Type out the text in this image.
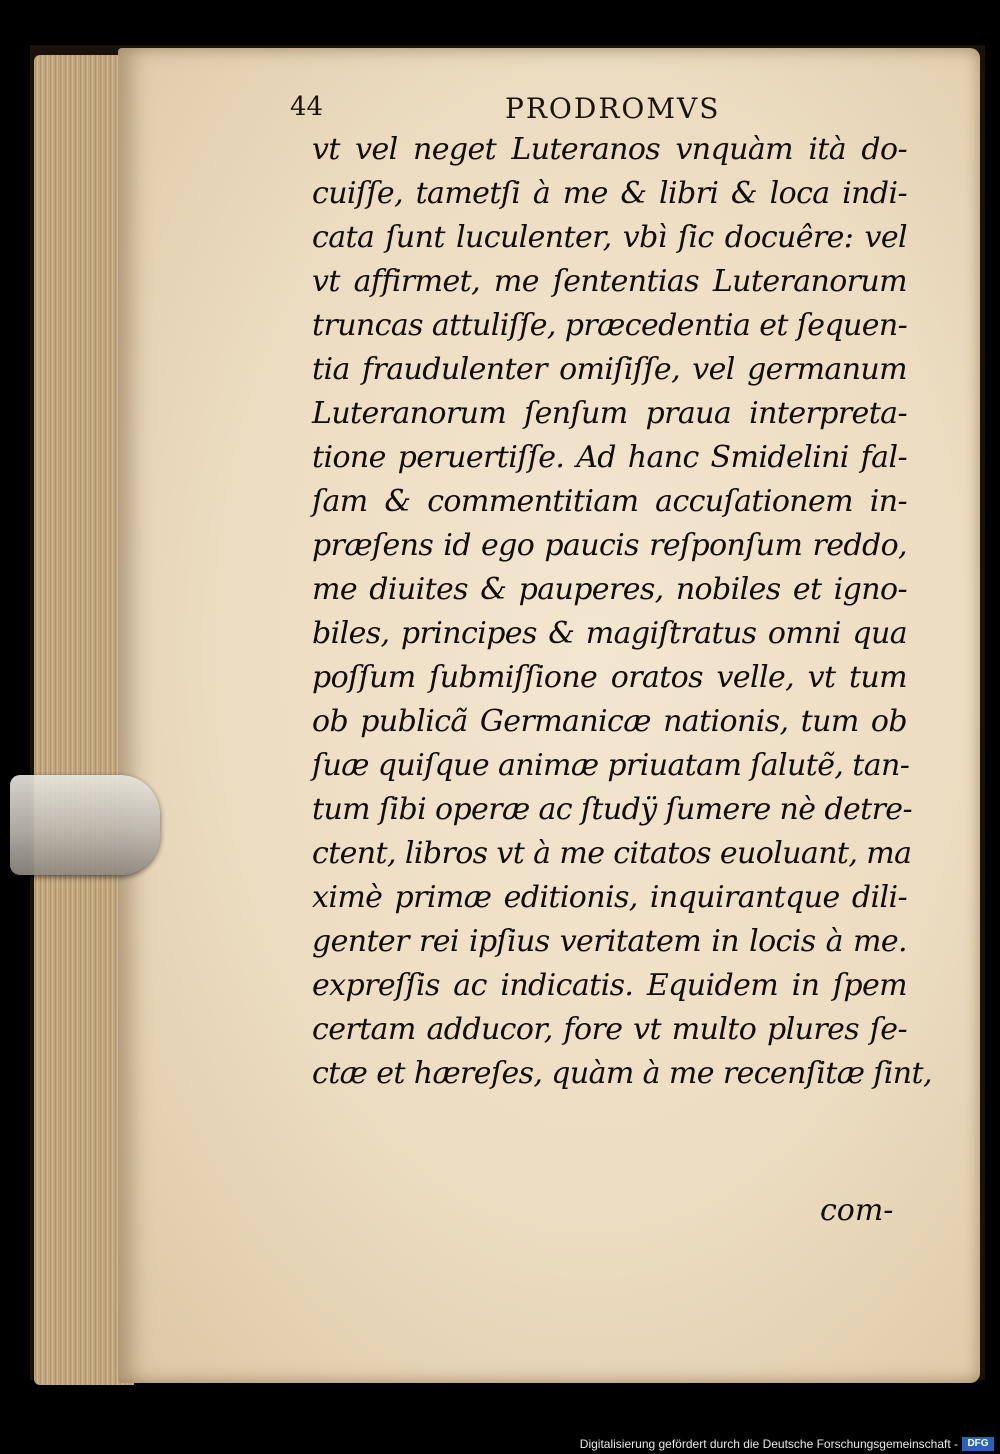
44	PRODROMVS
vt vel neget Luteranos vnquàm ità do-
cuiſſe, tametſi à me & libri & loca indi-
cata ſunt luculenter, vbì ſic docuêre: vel
vt affirmet, me ſententias Luteranorum
truncas attuliſſe, præcedentia et ſequen-
tia fraudulenter omiſiſſe, vel germanum
Luteranorum ſenſum praua interpreta-
tione peruertiſſe. Ad hanc Smidelini fal-
ſam & commentitiam accuſationem in-
præſens id ego paucis reſponſum reddo,
me diuites & pauperes, nobiles et igno-
biles, principes & magiſtratus omni qua
poſſum ſubmiſſione oratos velle, vt tum
ob publicã Germanicæ nationis, tum ob
ſuæ quiſque animæ priuatam ſalutẽ, tan-
tum ſibi operæ ac ſtudÿ ſumere nè detre-
ctent, libros vt à me citatos euoluant, ma
ximè primæ editionis, inquirantque dili-
genter rei ipſius veritatem in locis à me.
expreſſis ac indicatis. Equidem in ſpem
certam adducor, fore vt multo plures ſe-
ctæ et hæreſes, quàm à me recenſitæ ſint,
com-
Digitalisierung gefördert durch die Deutsche Forschungsgemeinschaft - DFG
